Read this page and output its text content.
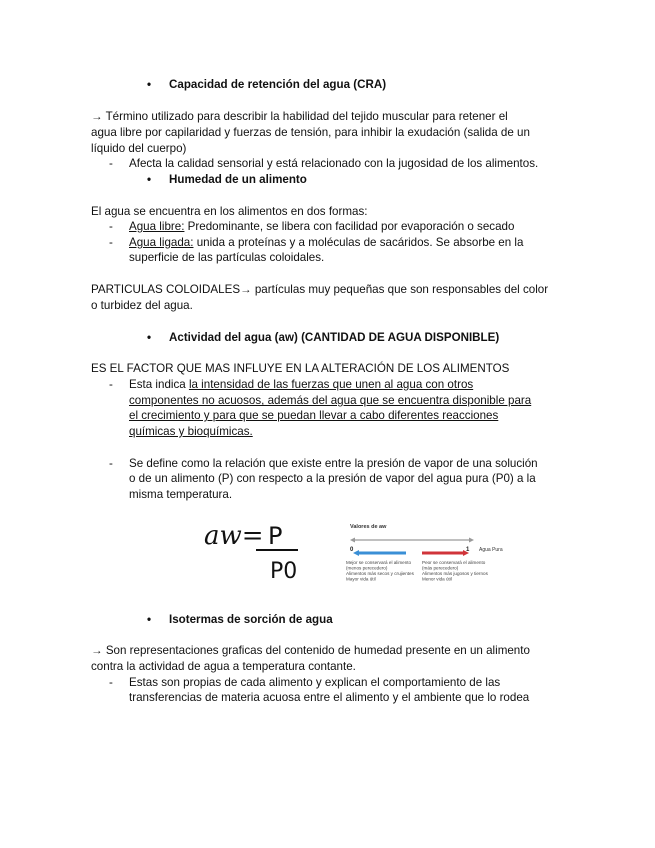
• Capacidad de retención del agua (CRA)
→ Término utilizado para describir la habilidad del tejido muscular para retener el
agua libre por capilaridad y fuerzas de tensión, para inhibir la exudación (salida de un
líquido del cuerpo)
- Afecta la calidad sensorial y está relacionado con la jugosidad de los alimentos.
• Humedad de un alimento
El agua se encuentra en los alimentos en dos formas:
- Agua libre: Predominante, se libera con facilidad por evaporación o secado
- Agua ligada: unida a proteínas y a moléculas de sacáridos. Se absorbe en la
superficie de las partículas coloidales.
PARTICULAS COLOIDALES→ partículas muy pequeñas que son responsables del color
o turbidez del agua.
• Actividad del agua (aw) (CANTIDAD DE AGUA DISPONIBLE)
ES EL FACTOR QUE MAS INFLUYE EN LA ALTERACIÓN DE LOS ALIMENTOS
- Esta indica la intensidad de las fuerzas que unen al agua con otros
componentes no acuosos, además del agua que se encuentra disponible para
el crecimiento y para que se puedan llevar a cabo diferentes reacciones
químicas y bioquímicas.
- Se define como la relación que existe entre la presión de vapor de una solución
o de un alimento (P) con respecto a la presión de vapor del agua pura (P0) a la
misma temperatura.
aw= P
P0
Valores de aw
0	1 Agua Pura
Mejor se conservará el alimento
(menos perecedero)
Alimentos más secos y crujientes
Mayor vida útil
Peor se conservará el alimento
(más perecedero)
Alimentos más jugosos y tiernos
Menor vida útil
• Isotermas de sorción de agua
→ Son representaciones graficas del contenido de humedad presente en un alimento
contra la actividad de agua a temperatura contante.
- Estas son propias de cada alimento y explican el comportamiento de las
transferencias de materia acuosa entre el alimento y el ambiente que lo rodea
